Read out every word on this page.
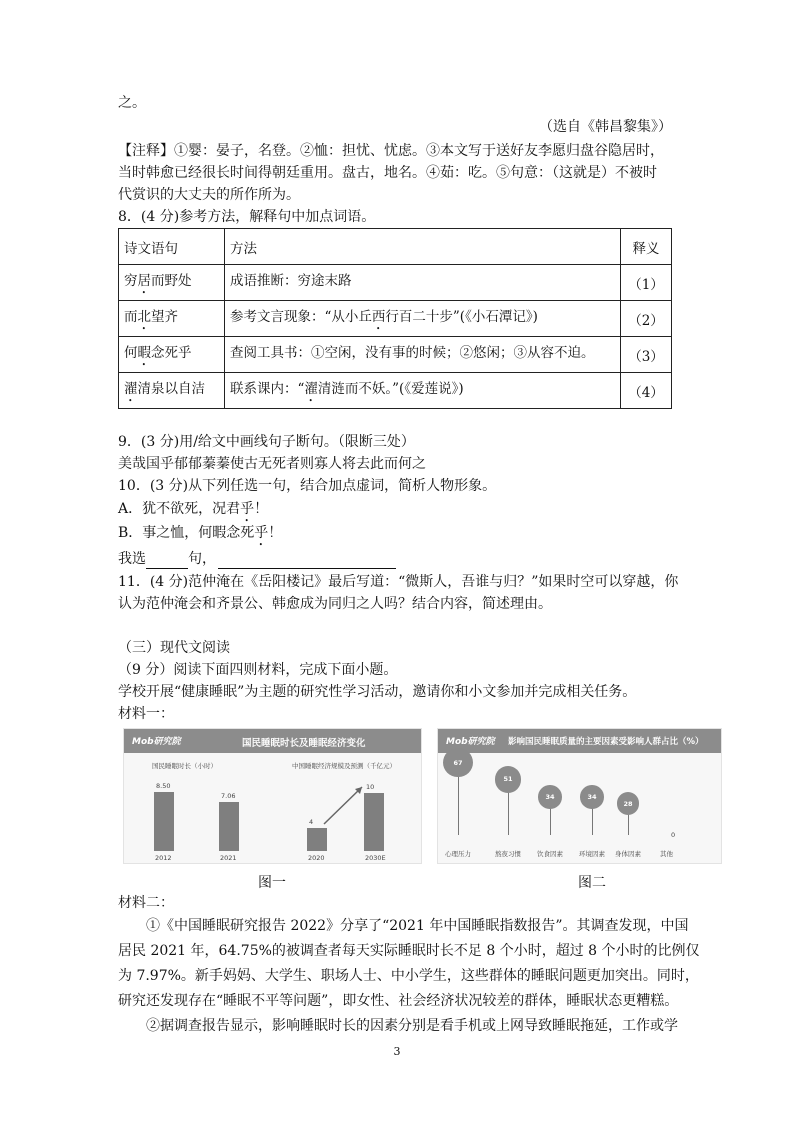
之。
（选自《韩昌黎集》）
【注释】①婴：晏子，名登。②恤：担忧、忧虑。③本文写于送好友李愿归盘谷隐居时，
当时韩愈已经很长时间得朝廷重用。盘古，地名。④茹：吃。⑤句意：（这就是）不被时
代赏识的大丈夫的所作所为。
8．(4 分)参考方法，解释句中加点词语。
诗文语句	方法	释义
穷居而野处	成语推断：穷途末路	（1）
而北望齐	参考文言现象：“从小丘西行百二十步”(《小石潭记》)	（2）
何暇念死乎	查阅工具书：①空闲，没有事的时候；②悠闲；③从容不迫。	（3）
濯清泉以自洁	联系课内：“濯清涟而不妖。”(《爱莲说》)	（4）
9．(3 分)用/给文中画线句子断句。（限断三处）
美哉国乎郁郁蓁蓁使古无死者则寡人将去此而何之
10．(3 分)从下列任选一句，结合加点虚词，简析人物形象。
A．犹不欲死，况君乎！
B．事之恤，何暇念死乎！
我选	句，
11．(4 分)范仲淹在《岳阳楼记》最后写道：“微斯人，吾谁与归？”如果时空可以穿越，你
认为范仲淹会和齐景公、韩愈成为同归之人吗？结合内容，简述理由。
（三）现代文阅读
（9 分）阅读下面四则材料，完成下面小题。
学校开展“健康睡眠”为主题的研究性学习活动，邀请你和小文参加并完成相关任务。
材料一：
Mob研究院	国民睡眠时长及睡眠经济变化
国民睡眠时长（小时）	中国睡眠经济规模及预测（千亿元）
8.50
2012
7.06
2021
4
2020
10
2030E
Mob研究院 影响国民睡眠质量的主要因素受影响人群占比（%）
67
心理压力
51
熬夜习惯
34
饮食因素
34
环境因素
28
身体因素
0
其他
图一	图二
材料二：
①《中国睡眠研究报告 2022》分享了“2021 年中国睡眠指数报告”。其调查发现，中国
居民 2021 年，64.75%的被调查者每天实际睡眠时长不足 8 个小时，超过 8 个小时的比例仅
为 7.97%。新手妈妈、大学生、职场人士、中小学生，这些群体的睡眠问题更加突出。同时，
研究还发现存在“睡眠不平等问题”，即女性、社会经济状况较差的群体，睡眠状态更糟糕。
②据调查报告显示，影响睡眠时长的因素分别是看手机或上网导致睡眠拖延，工作或学
3
